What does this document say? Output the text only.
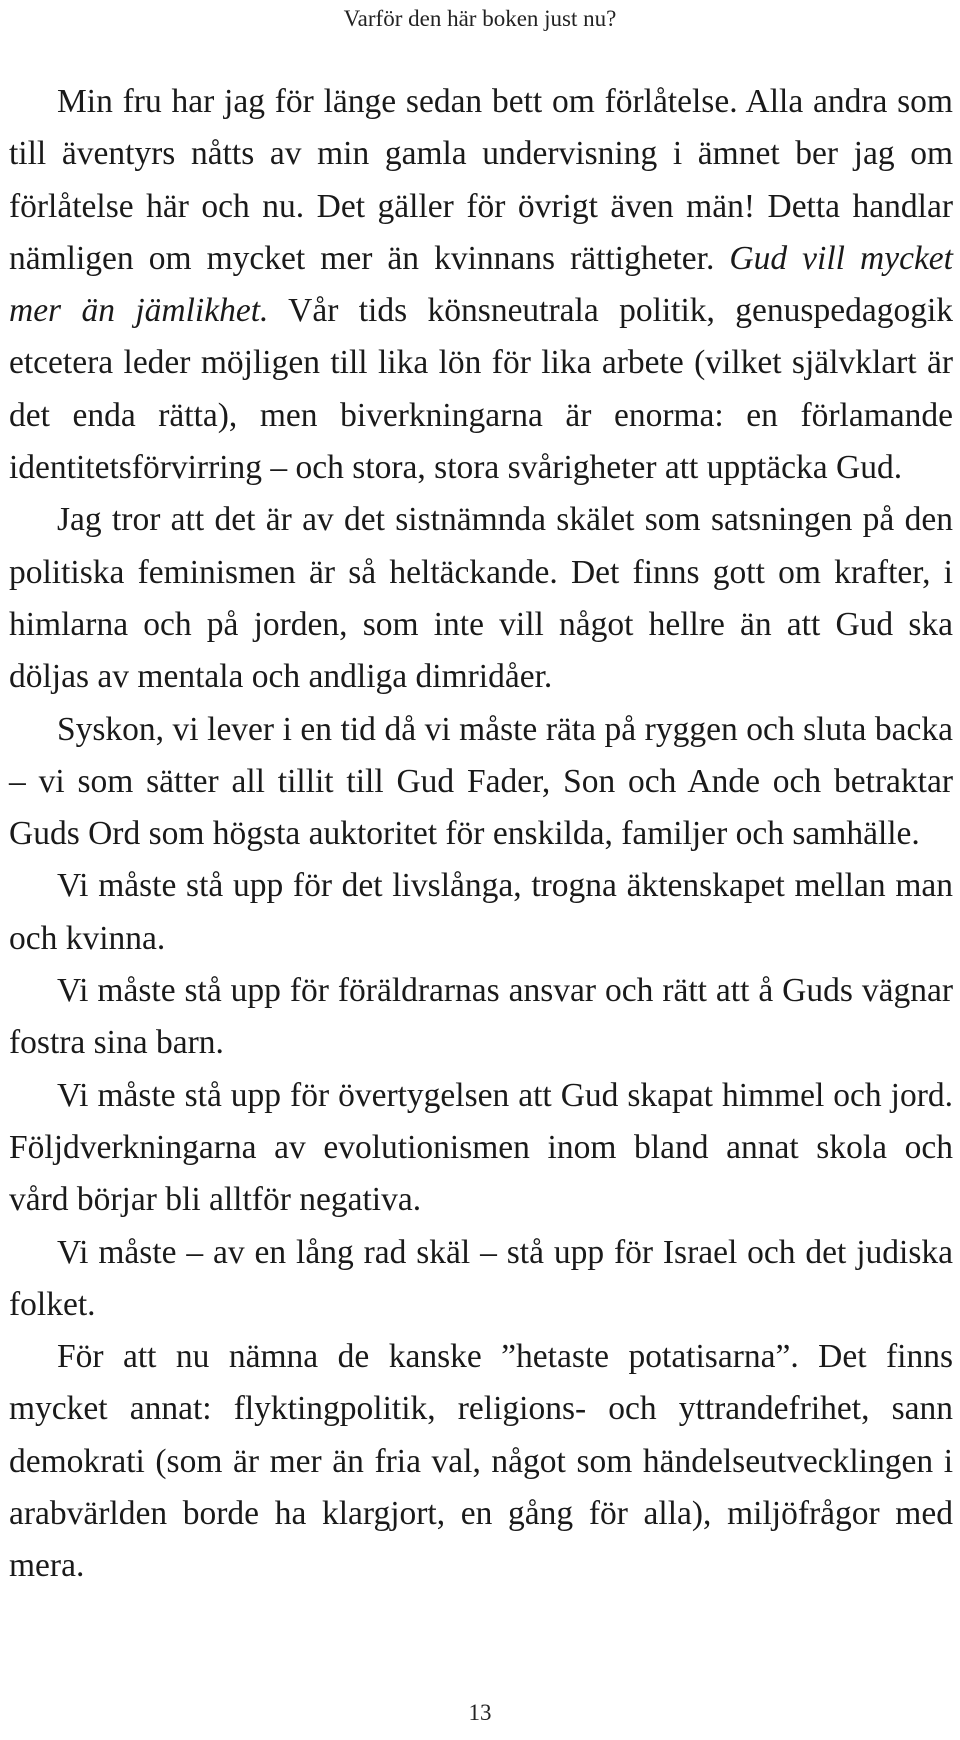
Varför den här boken just nu?

Min fru har jag för länge sedan bett om förlåtelse. Alla andra som till äventyrs nåtts av min gamla undervisning i ämnet ber jag om förlåtelse här och nu. Det gäller för övrigt även män! Detta handlar nämligen om mycket mer än kvinnans rättigheter. Gud vill mycket mer än jämlikhet. Vår tids könsneutrala politik, genuspedagogik etcetera leder möjligen till lika lön för lika arbete (vilket självklart är det enda rätta), men biverkningarna är enorma: en förlamande identitetsförvirring – och stora, stora svårigheter att upptäcka Gud.

Jag tror att det är av det sistnämnda skälet som satsningen på den politiska feminismen är så heltäckande. Det finns gott om krafter, i himlarna och på jorden, som inte vill något hellre än att Gud ska döljas av mentala och andliga dimridåer.

Syskon, vi lever i en tid då vi måste räta på ryggen och sluta backa – vi som sätter all tillit till Gud Fader, Son och Ande och betraktar Guds Ord som högsta auktoritet för enskilda, familjer och samhälle.

Vi måste stå upp för det livslånga, trogna äktenskapet mellan man och kvinna.

Vi måste stå upp för föräldrarnas ansvar och rätt att å Guds vägnar fostra sina barn.

Vi måste stå upp för övertygelsen att Gud skapat himmel och jord. Följdverkningarna av evolutionismen inom bland annat skola och vård börjar bli alltför negativa.

Vi måste – av en lång rad skäl – stå upp för Israel och det judiska folket.

För att nu nämna de kanske ”hetaste potatisarna”. Det finns mycket annat: flyktingpolitik, religions- och yttrandefrihet, sann demokrati (som är mer än fria val, något som händelseutvecklingen i arabvärlden borde ha klargjort, en gång för alla), miljöfrågor med mera.

13
